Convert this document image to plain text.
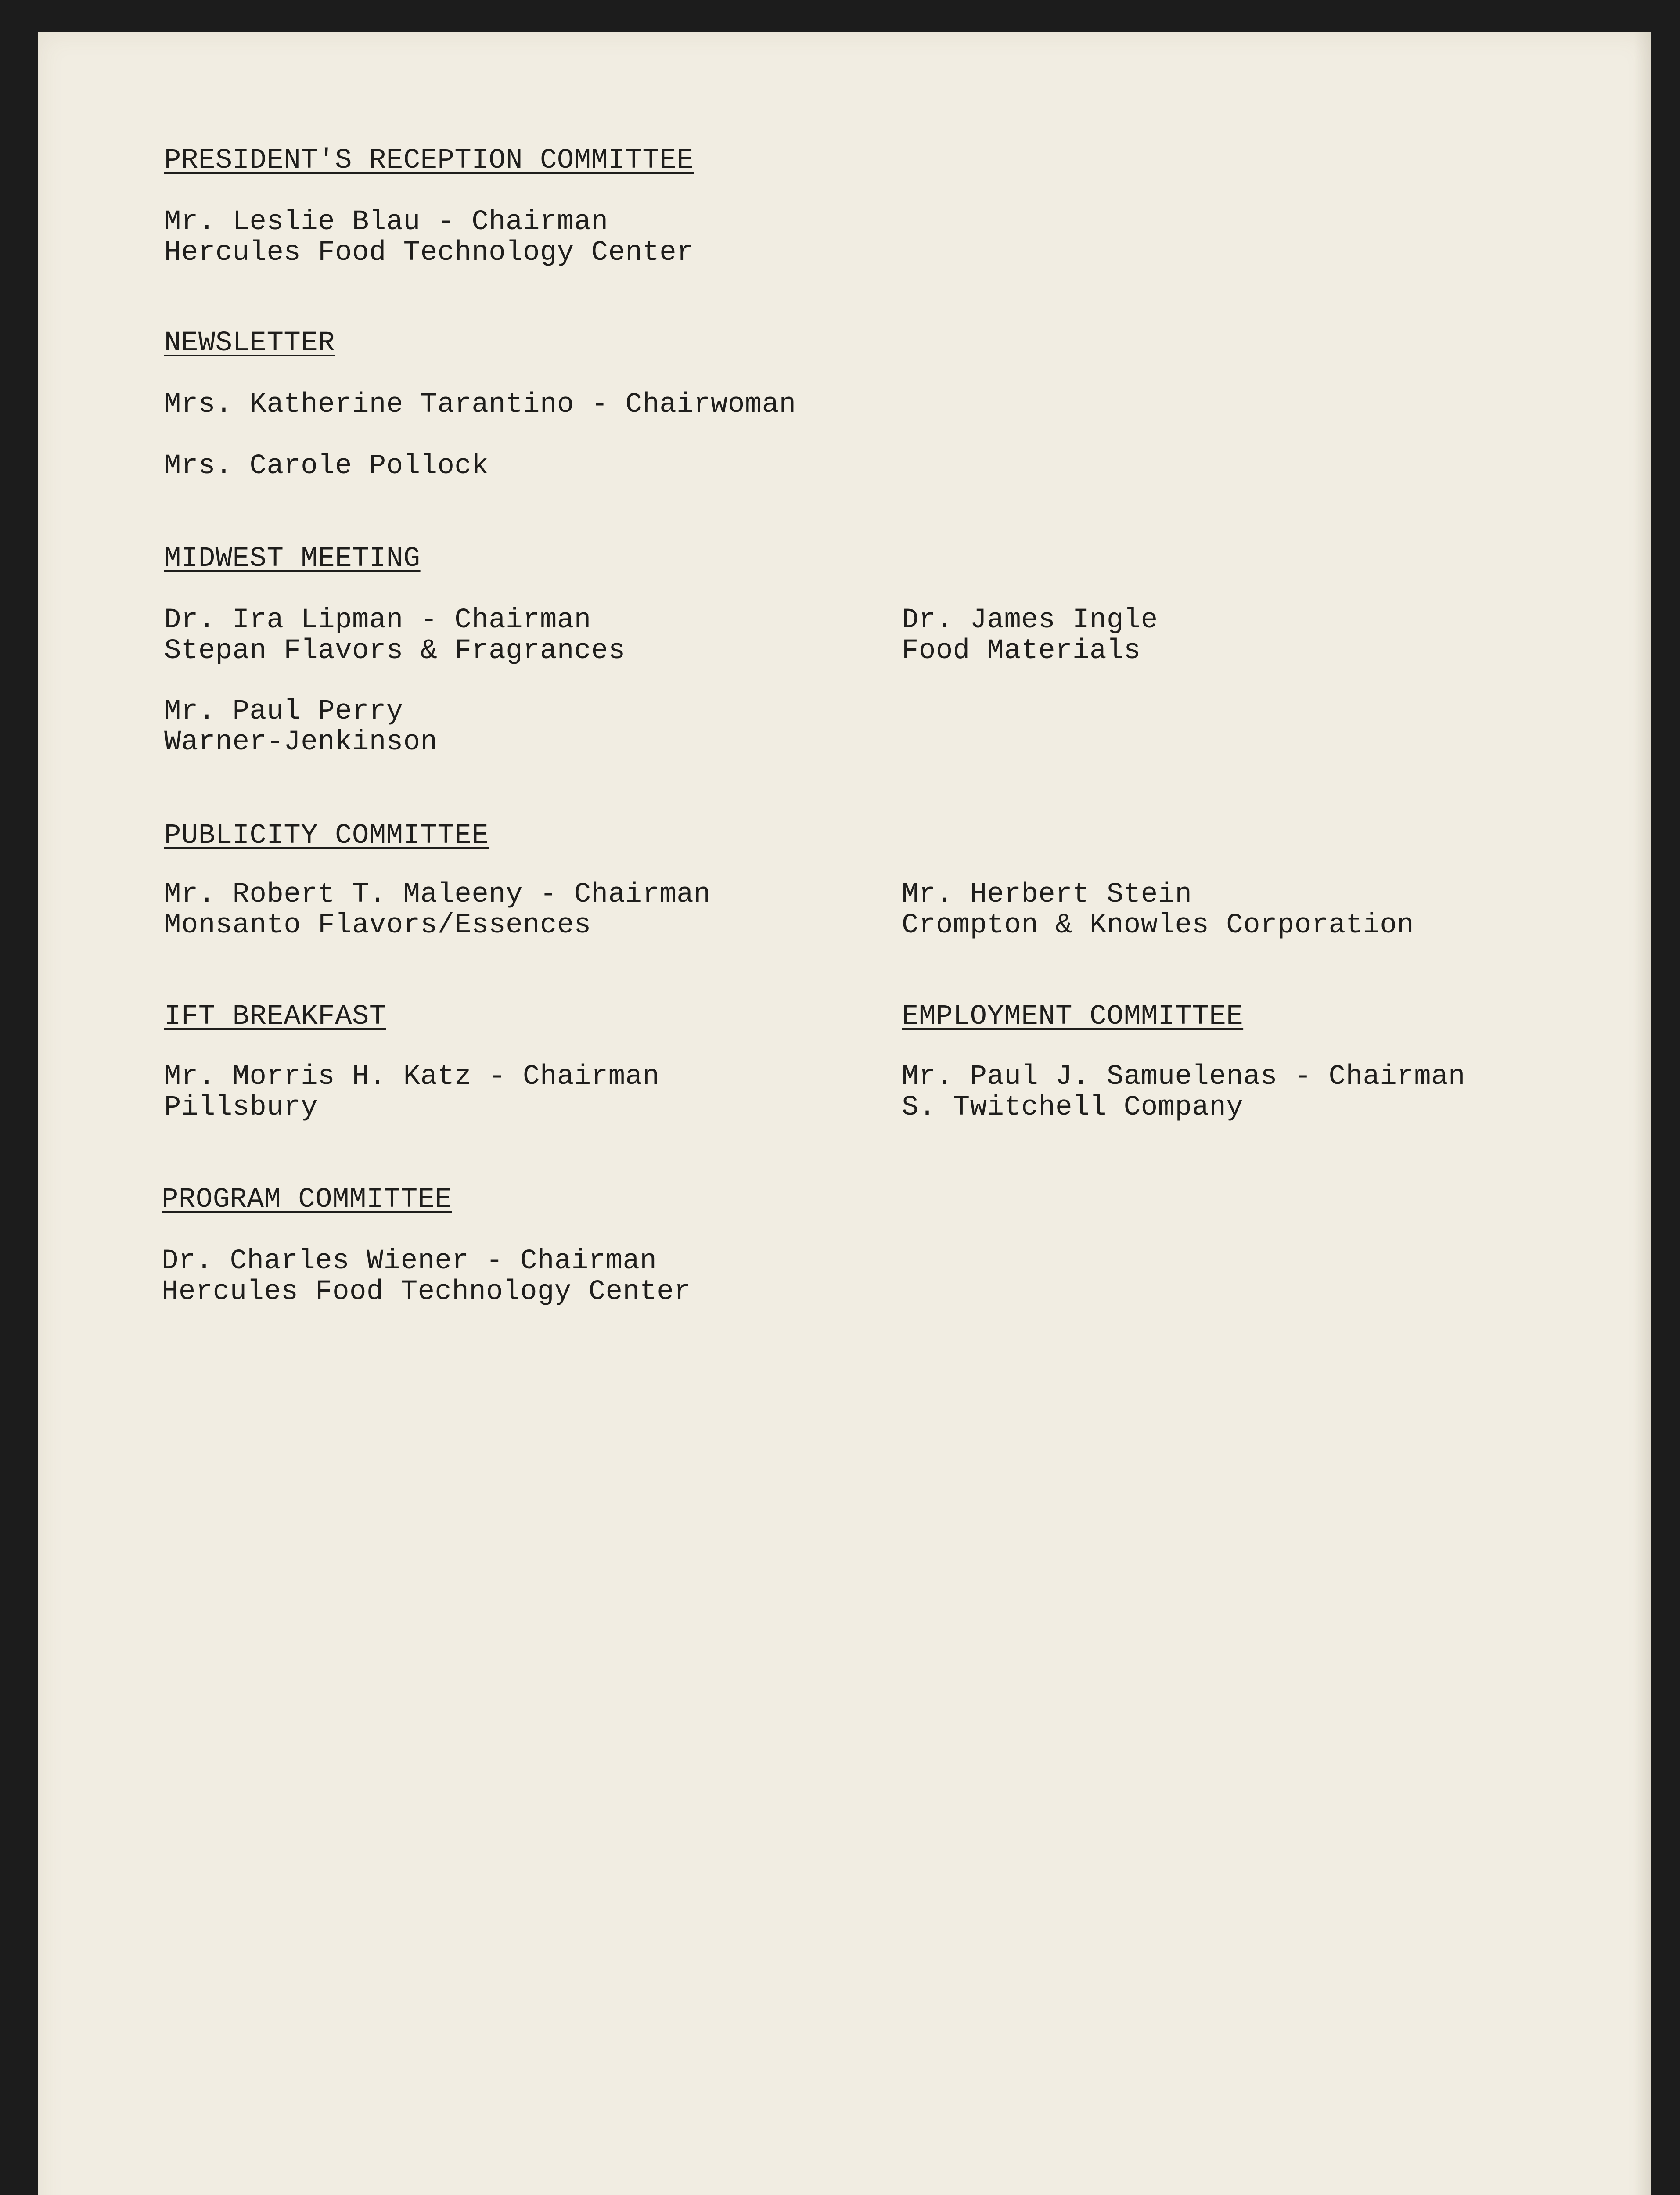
PRESIDENT'S RECEPTION COMMITTEE
Mr. Leslie Blau - Chairman
Hercules Food Technology Center
NEWSLETTER
Mrs. Katherine Tarantino - Chairwoman
Mrs. Carole Pollock
MIDWEST MEETING
Dr. Ira Lipman - Chairman
Stepan Flavors & Fragrances
Dr. James Ingle
Food Materials
Mr. Paul Perry
Warner-Jenkinson
PUBLICITY COMMITTEE
Mr. Robert T. Maleeny - Chairman
Monsanto Flavors/Essences
Mr. Herbert Stein
Crompton & Knowles Corporation
IFT BREAKFAST
Mr. Morris H. Katz - Chairman
Pillsbury
EMPLOYMENT COMMITTEE
Mr. Paul J. Samuelenas - Chairman
S. Twitchell Company
PROGRAM COMMITTEE
Dr. Charles Wiener - Chairman
Hercules Food Technology Center
